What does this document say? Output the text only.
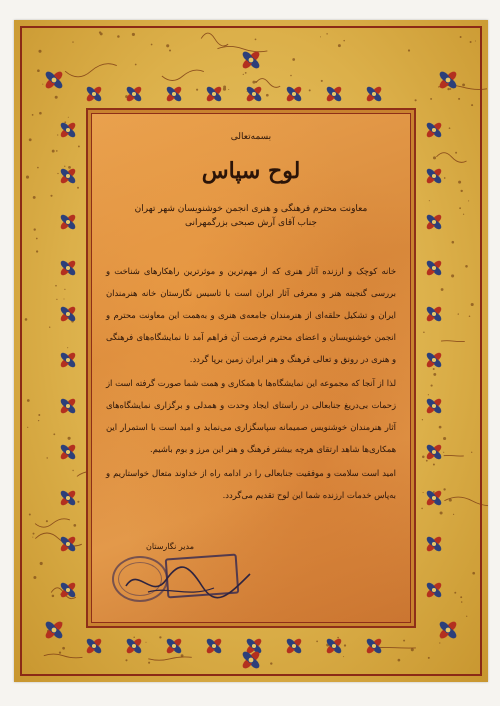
بسمه‌تعالی
لوح سپاس
معاونت محترم فرهنگی و هنری انجمن خوشنویسان شهر تهران
جناب آقای آرش صبحی بزرگمهرانی

خانه کوچک و ارزنده آثار هنری که از مهم‌ترین و موثرترین راهکارهای شناخت و بررسی گنجینه هنر و معرفی آثار ایران است با تاسیس نگارستان خانه هنرمندان ایران و تشکیل حلقه‌ای از هنرمندان جامعه‌ی هنری و به‌همت این معاونت محترم و انجمن خوشنویسان و اعضای محترم فرصت آن فراهم آمد تا نمایشگاه‌های فرهنگی و هنری در رونق و تعالی فرهنگ و هنر ایران زمین برپا گردد.

لذا از آنجا که مجموعه این نمایشگاه‌ها با همکاری و همت شما صورت گرفته است از زحمات بی‌دریغ جنابعالی در راستای ایجاد وحدت و همدلی و برگزاری نمایشگاه‌های آثار هنرمندان خوشنویس صمیمانه سپاسگزاری می‌نماید و امید است با استمرار این همکاری‌ها شاهد ارتقای هرچه بیشتر فرهنگ و هنر این مرز و بوم باشیم.

امید است سلامت و موفقیت جنابعالی را در ادامه راه از خداوند متعال خواستاریم و به‌پاس خدمات ارزنده شما این لوح تقدیم می‌گردد.

مدیر نگارستان
